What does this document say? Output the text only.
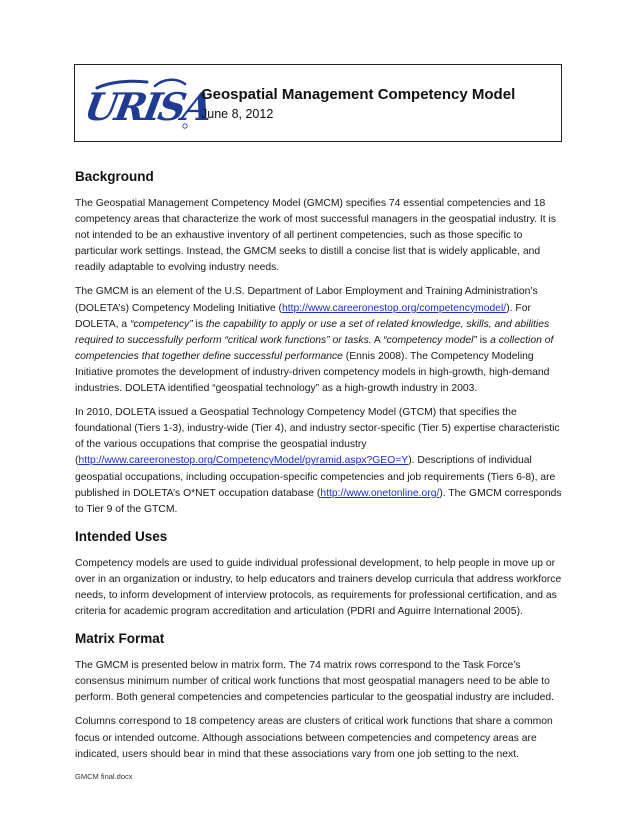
URISA
Geospatial Management Competency Model
June 8, 2012
Background

The Geospatial Management Competency Model (GMCM) specifies 74 essential competencies and 18 competency areas that characterize the work of most successful managers in the geospatial industry. It is not intended to be an exhaustive inventory of all pertinent competencies, such as those specific to particular work settings. Instead, the GMCM seeks to distill a concise list that is widely applicable, and readily adaptable to evolving industry needs.

The GMCM is an element of the U.S. Department of Labor Employment and Training Administration’s (DOLETA’s) Competency Modeling Initiative (http://www.careeronestop.org/competencymodel/). For DOLETA, a “competency” is the capability to apply or use a set of related knowledge, skills, and abilities required to successfully perform “critical work functions” or tasks. A “competency model” is a collection of competencies that together define successful performance (Ennis 2008). The Competency Modeling Initiative promotes the development of industry-driven competency models in high-growth, high-demand industries. DOLETA identified “geospatial technology” as a high-growth industry in 2003.

In 2010, DOLETA issued a Geospatial Technology Competency Model (GTCM) that specifies the foundational (Tiers 1-3), industry-wide (Tier 4), and industry sector-specific (Tier 5) expertise characteristic of the various occupations that comprise the geospatial industry (http://www.careeronestop.org/CompetencyModel/pyramid.aspx?GEO=Y). Descriptions of individual geospatial occupations, including occupation-specific competencies and job requirements (Tiers 6-8), are published in DOLETA’s O*NET occupation database (http://www.onetonline.org/). The GMCM corresponds to Tier 9 of the GTCM.

Intended Uses

Competency models are used to guide individual professional development, to help people in move up or over in an organization or industry, to help educators and trainers develop curricula that address workforce needs, to inform development of interview protocols, as requirements for professional certification, and as criteria for academic program accreditation and articulation (PDRI and Aguirre International 2005).

Matrix Format

The GMCM is presented below in matrix form. The 74 matrix rows correspond to the Task Force’s consensus minimum number of critical work functions that most geospatial managers need to be able to perform. Both general competencies and competencies particular to the geospatial industry are included.

Columns correspond to 18 competency areas are clusters of critical work functions that share a common focus or intended outcome. Although associations between competencies and competency areas are indicated, users should bear in mind that these associations vary from one job setting to the next.

GMCM final.docx
